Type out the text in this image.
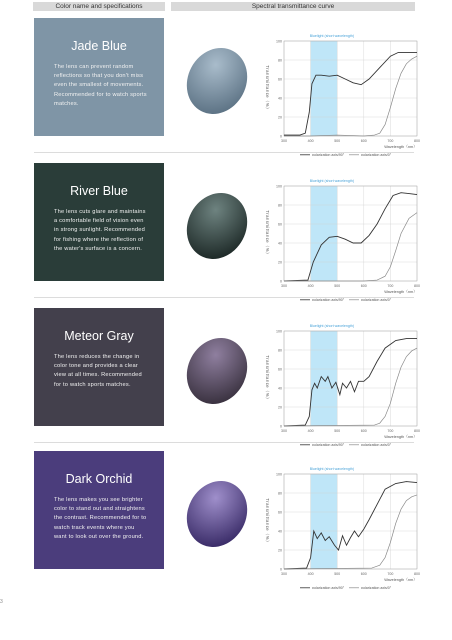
Color name and specifications	Spectral transmittance curve
Jade Blue
The lens can prevent random reflections so that you don't miss even the smallest of movements. Recommended for to watch sports matches.
Bluelight (short wavelength)
300	400	500	600	700	800
0
20
40
60
80
100
Transmittance（%）
Wavelength（nm）
polarization axis/90°	polarization axis/0°
River Blue
The lens cuts glare and maintains a comfortable field of vision even in strong sunlight. Recommended for fishing where the reflection of the water's surface is a concern.
Bluelight (short wavelength)
300	400	500	600	700	800
0
20
40
60
80
100
Transmittance（%）
Wavelength（nm）
polarization axis/90°	polarization axis/0°
Meteor Gray
The lens reduces the change in color tone and provides a clear view at all times. Recommended for to watch sports matches.
Bluelight (short wavelength)
300	400	500	600	700	800
0
20
40
60
80
100
Transmittance（%）
Wavelength（nm）
polarization axis/90°	polarization axis/0°
Dark Orchid
The lens makes you see brighter color to stand out and straightens the contrast. Recommended for to watch track events where you want to look out over the ground.
Bluelight (short wavelength)
300	400	500	600	700	800
0
20
40
60
80
100
Transmittance（%）
Wavelength（nm）
polarization axis/90°	polarization axis/0°
3
